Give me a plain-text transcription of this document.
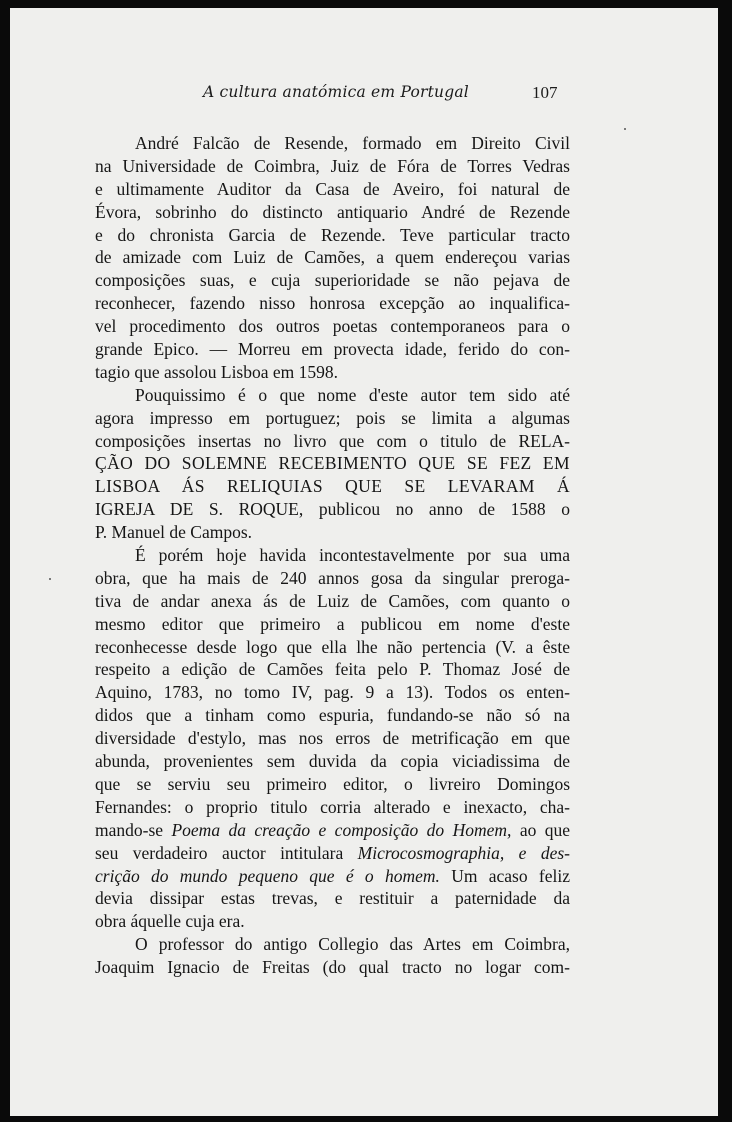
A cultura anatómica em Portugal	107
André Falcão de Resende, formado em Direito Civil
na Universidade de Coimbra, Juiz de Fóra de Torres Vedras
e ultimamente Auditor da Casa de Aveiro, foi natural de
Évora, sobrinho do distincto antiquario André de Rezende
e do chronista Garcia de Rezende. Teve particular tracto
de amizade com Luiz de Camões, a quem endereçou varias
composições suas, e cuja superioridade se não pejava de
reconhecer, fazendo nisso honrosa excepção ao inqualifica-
vel procedimento dos outros poetas contemporaneos para o
grande Epico. — Morreu em provecta idade, ferido do con-
tagio que assolou Lisboa em 1598.
Pouquissimo é o que nome d'este autor tem sido até
agora impresso em portuguez; pois se limita a algumas
composições insertas no livro que com o titulo de RELA-
ÇÃO DO SOLEMNE RECEBIMENTO QUE SE FEZ EM
LISBOA ÁS RELIQUIAS QUE SE LEVARAM Á
IGREJA DE S. ROQUE, publicou no anno de 1588 o
P. Manuel de Campos.
É porém hoje havida incontestavelmente por sua uma
obra, que ha mais de 240 annos gosa da singular preroga-
tiva de andar anexa ás de Luiz de Camões, com quanto o
mesmo editor que primeiro a publicou em nome d'este
reconhecesse desde logo que ella lhe não pertencia (V. a êste
respeito a edição de Camões feita pelo P. Thomaz José de
Aquino, 1783, no tomo IV, pag. 9 a 13). Todos os enten-
didos que a tinham como espuria, fundando-se não só na
diversidade d'estylo, mas nos erros de metrificação em que
abunda, provenientes sem duvida da copia viciadissima de
que se serviu seu primeiro editor, o livreiro Domingos
Fernandes: o proprio titulo corria alterado e inexacto, cha-
mando-se Poema da creação e composição do Homem, ao que
seu verdadeiro auctor intitulara Microcosmographia, e des-
crição do mundo pequeno que é o homem. Um acaso feliz
devia dissipar estas trevas, e restituir a paternidade da
obra áquelle cuja era.
O professor do antigo Collegio das Artes em Coimbra,
Joaquim Ignacio de Freitas (do qual tracto no logar com-
